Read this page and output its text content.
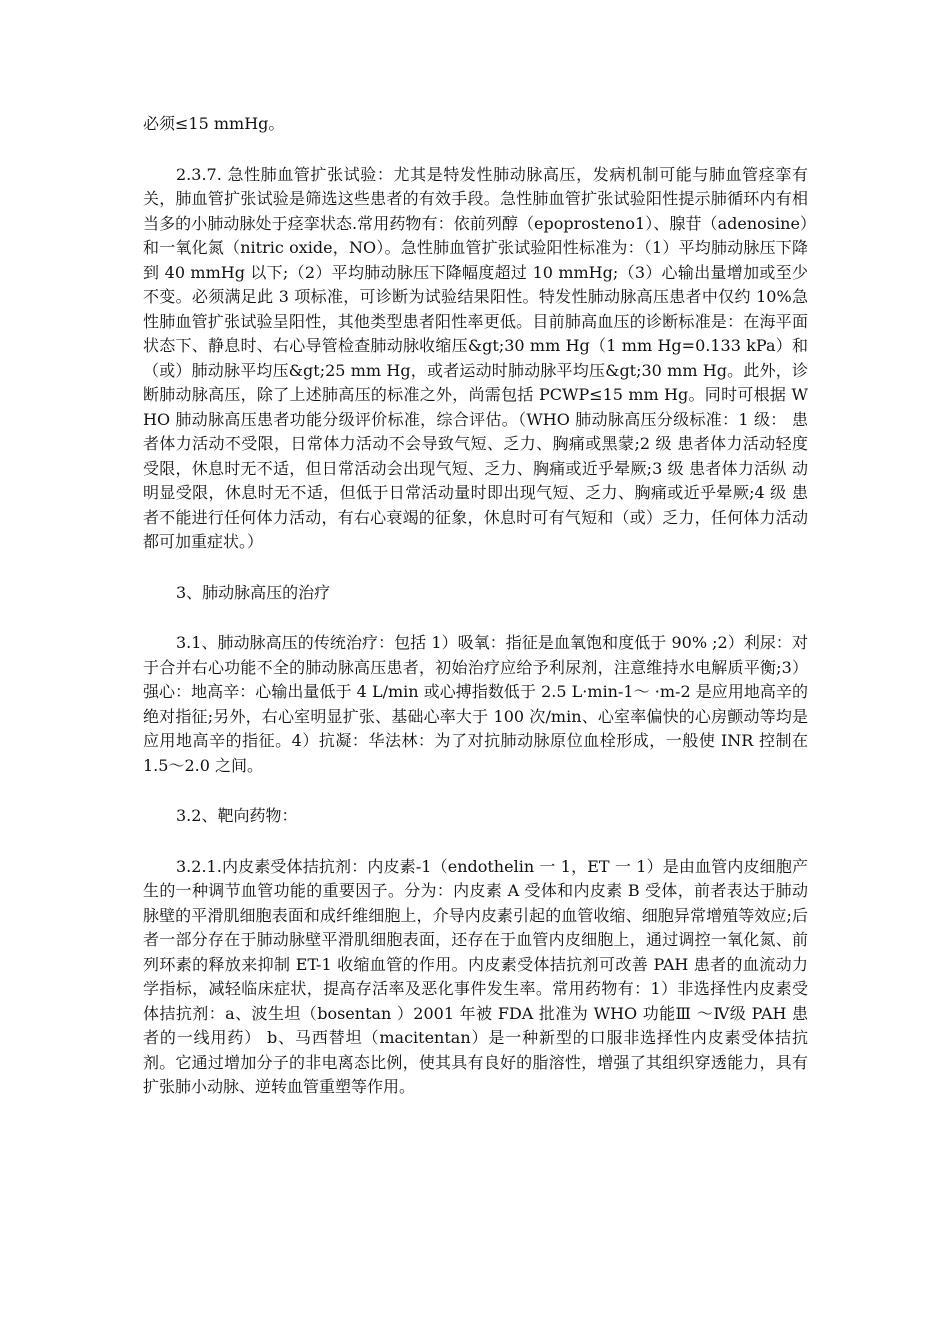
必须≤15 mmHg。

2.3.7. 急性肺血管扩张试验：尤其是特发性肺动脉高压，发病机制可能与肺血管痉挛有关，肺血管扩张试验是筛选这些患者的有效手段。急性肺血管扩张试验阳性提示肺循环内有相当多的小肺动脉处于痉挛状态.常用药物有：依前列醇（epoprosteno1）、腺苷（adenosine）和一氧化氮（nitric oxide，NO）。急性肺血管扩张试验阳性标准为：（1）平均肺动脉压下降到 40 mmHg 以下;（2）平均肺动脉压下降幅度超过 10 mmHg;（3）心输出量增加或至少不变。必须满足此 3 项标准，可诊断为试验结果阳性。特发性肺动脉高压患者中仅约 10%急性肺血管扩张试验呈阳性，其他类型患者阳性率更低。目前肺高血压的诊断标准是：在海平面状态下、静息时、右心导管检查肺动脉收缩压&gt;30 mm Hg（1 mm Hg=0.133 kPa）和（或）肺动脉平均压&gt;25 mm Hg，或者运动时肺动脉平均压&gt;30 mm Hg。此外，诊断肺动脉高压，除了上述肺高压的标准之外，尚需包括 PCWP≤15 mm Hg。同时可根据 WHO 肺动脉高压患者功能分级评价标准，综合评估。（WHO 肺动脉高压分级标准：1 级： 患者体力活动不受限，日常体力活动不会导致气短、乏力、胸痛或黑蒙;2 级 患者体力活动轻度受限，休息时无不适，但日常活动会出现气短、乏力、胸痛或近乎晕厥;3 级 患者体力活纵 动明显受限，休息时无不适，但低于日常活动量时即出现气短、乏力、胸痛或近乎晕厥;4 级 患者不能进行任何体力活动，有右心衰竭的征象，休息时可有气短和（或）乏力，任何体力活动都可加重症状。）

3、肺动脉高压的治疗

3.1、肺动脉高压的传统治疗：包括 1）吸氧：指征是血氧饱和度低于 90% ;2）利尿：对于合并右心功能不全的肺动脉高压患者，初始治疗应给予利尿剂，注意维持水电解质平衡;3）强心：地高辛：心输出量低于 4 L/min 或心搏指数低于 2.5 L·min-1～ ·m-2 是应用地高辛的绝对指征;另外，右心室明显扩张、基础心率大于 100 次/min、心室率偏快的心房颤动等均是应用地高辛的指征。4）抗凝：华法林：为了对抗肺动脉原位血栓形成，一般使 INR 控制在 1.5～2.0 之间。

3.2、靶向药物：

3.2.1.内皮素受体拮抗剂：内皮素-1（endothelin 一 1，ET 一 1）是由血管内皮细胞产生的一种调节血管功能的重要因子。分为：内皮素 A 受体和内皮素 B 受体，前者表达于肺动脉壁的平滑肌细胞表面和成纤维细胞上，介导内皮素引起的血管收缩、细胞异常增殖等效应;后者一部分存在于肺动脉壁平滑肌细胞表面，还存在于血管内皮细胞上，通过调控一氧化氮、前列环素的释放来抑制 ET-1 收缩血管的作用。内皮素受体拮抗剂可改善 PAH 患者的血流动力学指标，减轻临床症状，提高存活率及恶化事件发生率。常用药物有：1）非选择性内皮素受体拮抗剂：a、波生坦（bosentan ）2001 年被 FDA 批准为 WHO 功能Ⅲ ～Ⅳ级 PAH 患者的一线用药） b、马西替坦（macitentan）是一种新型的口服非选择性内皮素受体拮抗剂。它通过增加分子的非电离态比例，使其具有良好的脂溶性，增强了其组织穿透能力，具有扩张肺小动脉、逆转血管重塑等作用。
